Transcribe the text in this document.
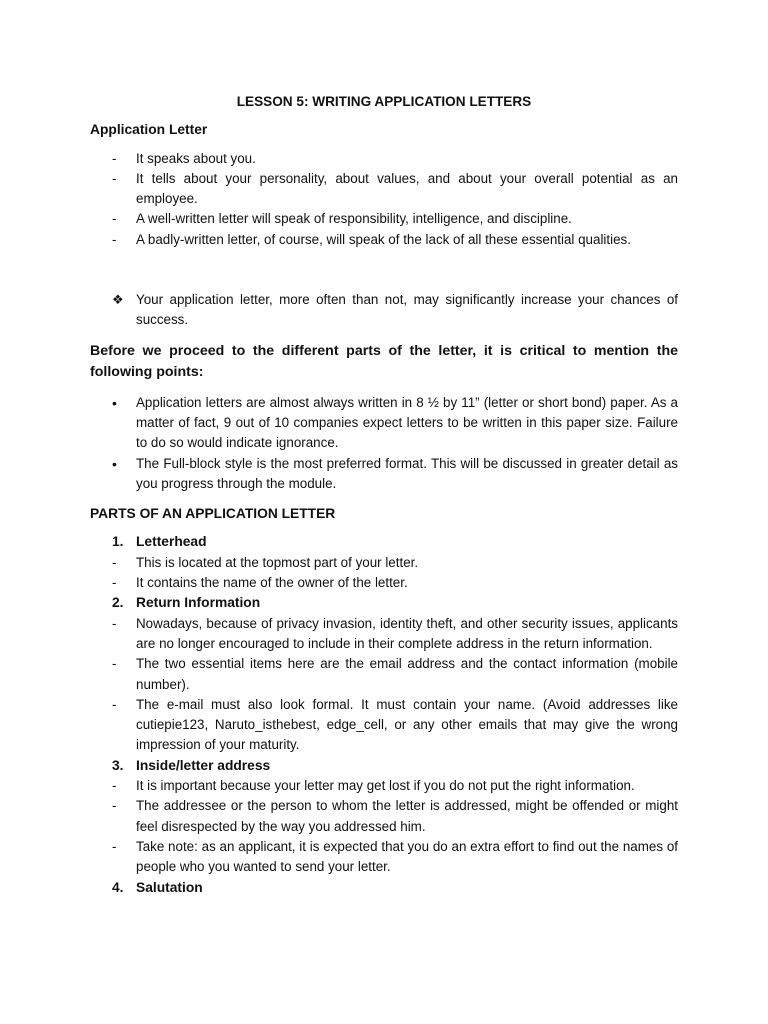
LESSON 5: WRITING APPLICATION LETTERS
Application Letter
-	It speaks about you.
-	It tells about your personality, about values, and about your overall potential as an employee.
-	A well-written letter will speak of responsibility, intelligence, and discipline.
-	A badly-written letter, of course, will speak of the lack of all these essential qualities.
❖ Your application letter, more often than not, may significantly increase your chances of success.
Before we proceed to the different parts of the letter, it is critical to mention the following points:
•	Application letters are almost always written in 8 ½ by 11” (letter or short bond) paper. As a matter of fact, 9 out of 10 companies expect letters to be written in this paper size. Failure to do so would indicate ignorance.
•	The Full-block style is the most preferred format. This will be discussed in greater detail as you progress through the module.
PARTS OF AN APPLICATION LETTER
1. Letterhead
-	This is located at the topmost part of your letter.
-	It contains the name of the owner of the letter.
2. Return Information
-	Nowadays, because of privacy invasion, identity theft, and other security issues, applicants are no longer encouraged to include in their complete address in the return information.
-	The two essential items here are the email address and the contact information (mobile number).
-	The e-mail must also look formal. It must contain your name. (Avoid addresses like cutiepie123, Naruto_isthebest, edge_cell, or any other emails that may give the wrong impression of your maturity.
3. Inside/letter address
-	It is important because your letter may get lost if you do not put the right information.
-	The addressee or the person to whom the letter is addressed, might be offended or might feel disrespected by the way you addressed him.
-	Take note: as an applicant, it is expected that you do an extra effort to find out the names of people who you wanted to send your letter.
4. Salutation
